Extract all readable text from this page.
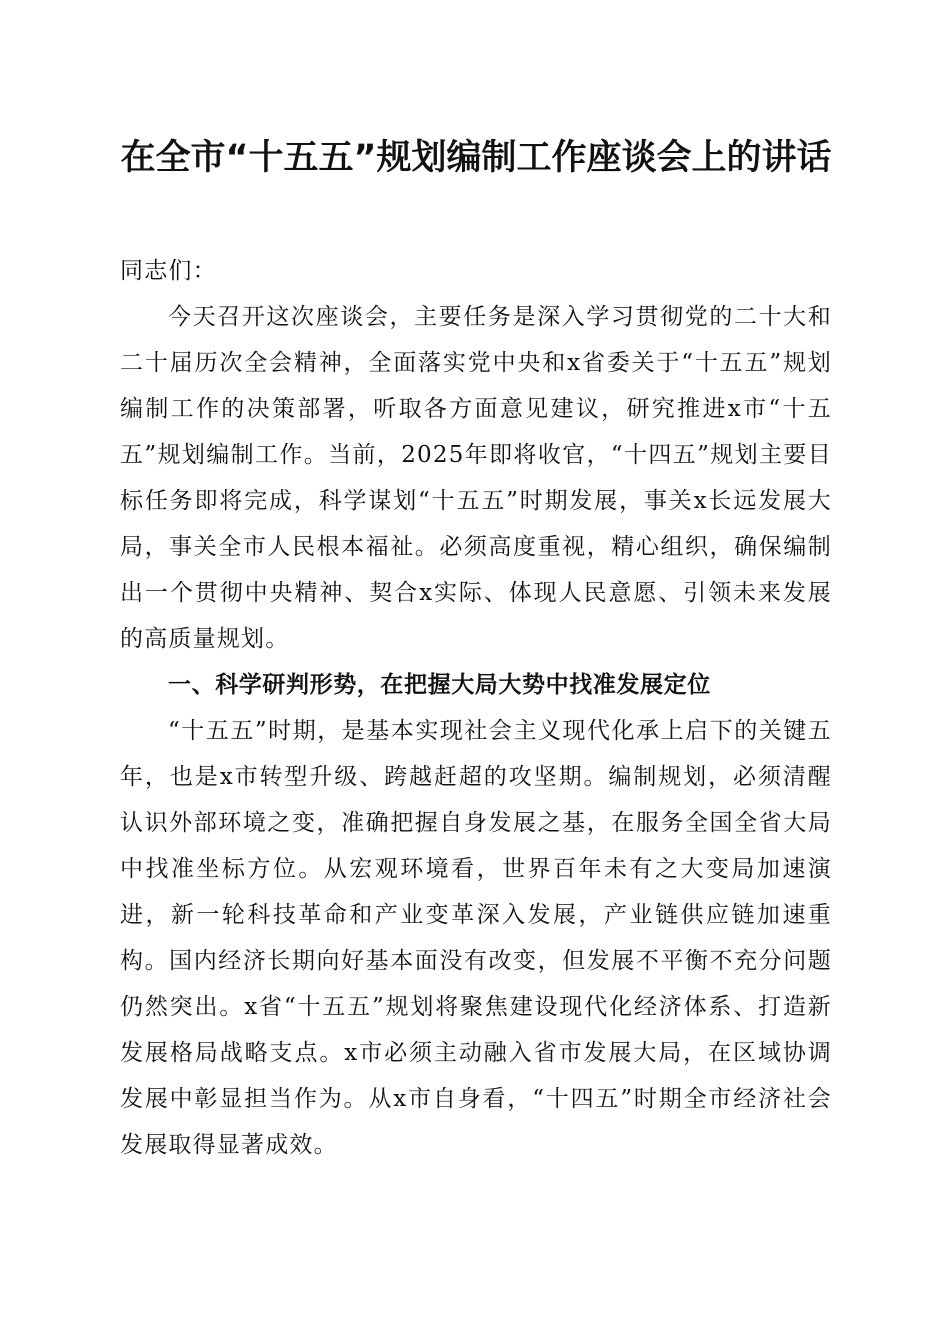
在全市“十五五”规划编制工作座谈会上的讲话

同志们：

今天召开这次座谈会，主要任务是深入学习贯彻党的二十大和二十届历次全会精神，全面落实党中央和x省委关于“十五五”规划编制工作的决策部署，听取各方面意见建议，研究推进x市“十五五”规划编制工作。当前，2025年即将收官，“十四五”规划主要目标任务即将完成，科学谋划“十五五”时期发展，事关x长远发展大局，事关全市人民根本福祉。必须高度重视，精心组织，确保编制出一个贯彻中央精神、契合x实际、体现人民意愿、引领未来发展的高质量规划。

一、科学研判形势，在把握大局大势中找准发展定位

“十五五”时期，是基本实现社会主义现代化承上启下的关键五年，也是x市转型升级、跨越赶超的攻坚期。编制规划，必须清醒认识外部环境之变，准确把握自身发展之基，在服务全国全省大局中找准坐标方位。从宏观环境看，世界百年未有之大变局加速演进，新一轮科技革命和产业变革深入发展，产业链供应链加速重构。国内经济长期向好基本面没有改变，但发展不平衡不充分问题仍然突出。x省“十五五”规划将聚焦建设现代化经济体系、打造新发展格局战略支点。x市必须主动融入省市发展大局，在区域协调发展中彰显担当作为。从x市自身看，“十四五”时期全市经济社会发展取得显著成效。
